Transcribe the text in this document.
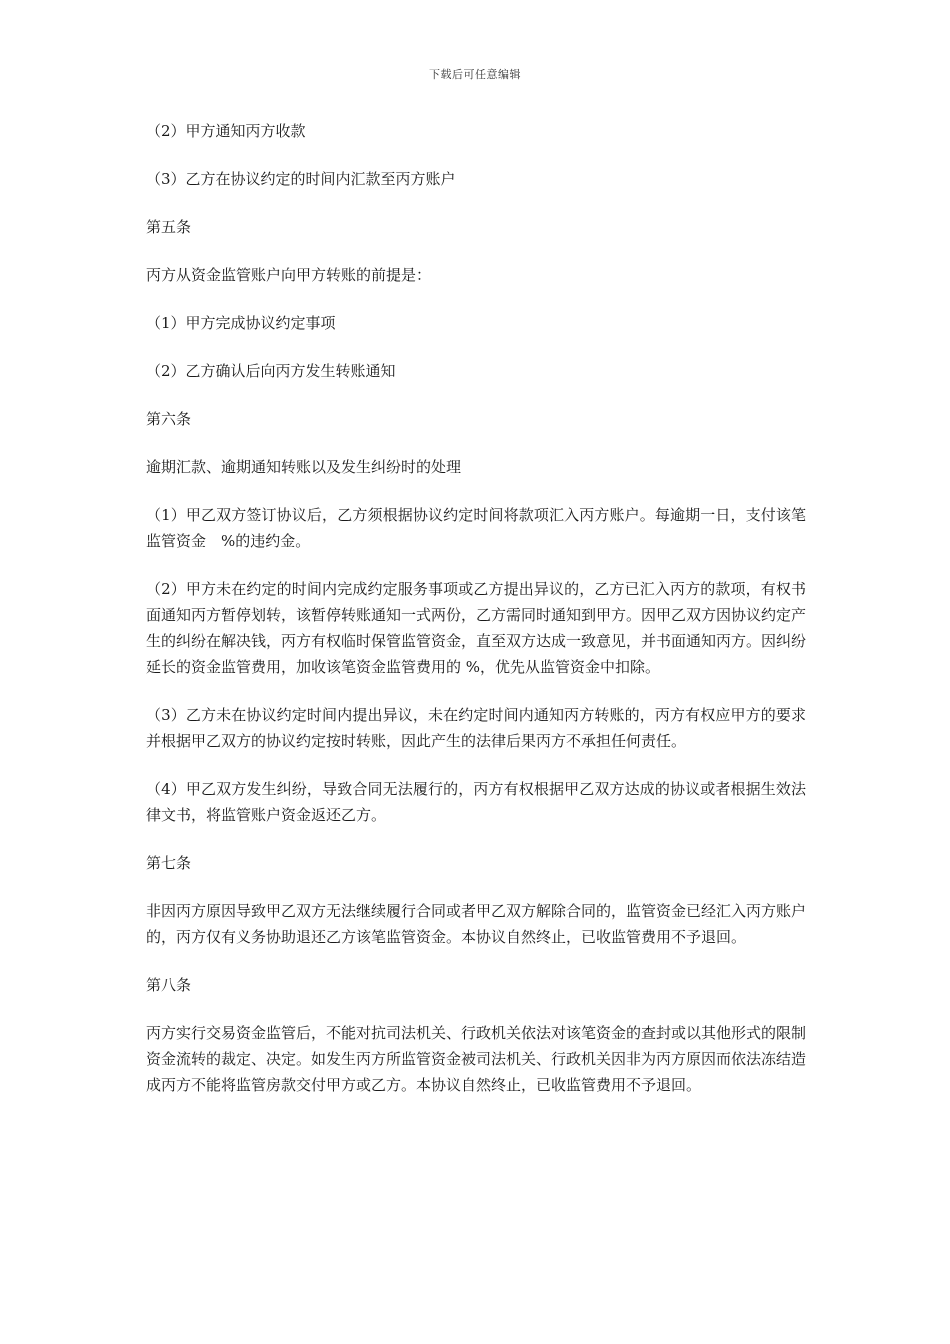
下载后可任意编辑

（2）甲方通知丙方收款

（3）乙方在协议约定的时间内汇款至丙方账户

第五条

丙方从资金监管账户向甲方转账的前提是：

（1）甲方完成协议约定事项

（2）乙方确认后向丙方发生转账通知

第六条

逾期汇款、逾期通知转账以及发生纠纷时的处理

（1）甲乙双方签订协议后，乙方须根据协议约定时间将款项汇入丙方账户。每逾期一日，支付该笔监管资金　%的违约金。

（2）甲方未在约定的时间内完成约定服务事项或乙方提出异议的，乙方已汇入丙方的款项，有权书面通知丙方暂停划转，该暂停转账通知一式两份，乙方需同时通知到甲方。因甲乙双方因协议约定产生的纠纷在解决钱，丙方有权临时保管监管资金，直至双方达成一致意见，并书面通知丙方。因纠纷延长的资金监管费用，加收该笔资金监管费用的 %，优先从监管资金中扣除。

（3）乙方未在协议约定时间内提出异议，未在约定时间内通知丙方转账的，丙方有权应甲方的要求并根据甲乙双方的协议约定按时转账，因此产生的法律后果丙方不承担任何责任。

（4）甲乙双方发生纠纷，导致合同无法履行的，丙方有权根据甲乙双方达成的协议或者根据生效法律文书，将监管账户资金返还乙方。

第七条

非因丙方原因导致甲乙双方无法继续履行合同或者甲乙双方解除合同的，监管资金已经汇入丙方账户的，丙方仅有义务协助退还乙方该笔监管资金。本协议自然终止，已收监管费用不予退回。

第八条

丙方实行交易资金监管后，不能对抗司法机关、行政机关依法对该笔资金的查封或以其他形式的限制资金流转的裁定、决定。如发生丙方所监管资金被司法机关、行政机关因非为丙方原因而依法冻结造成丙方不能将监管房款交付甲方或乙方。本协议自然终止，已收监管费用不予退回。
